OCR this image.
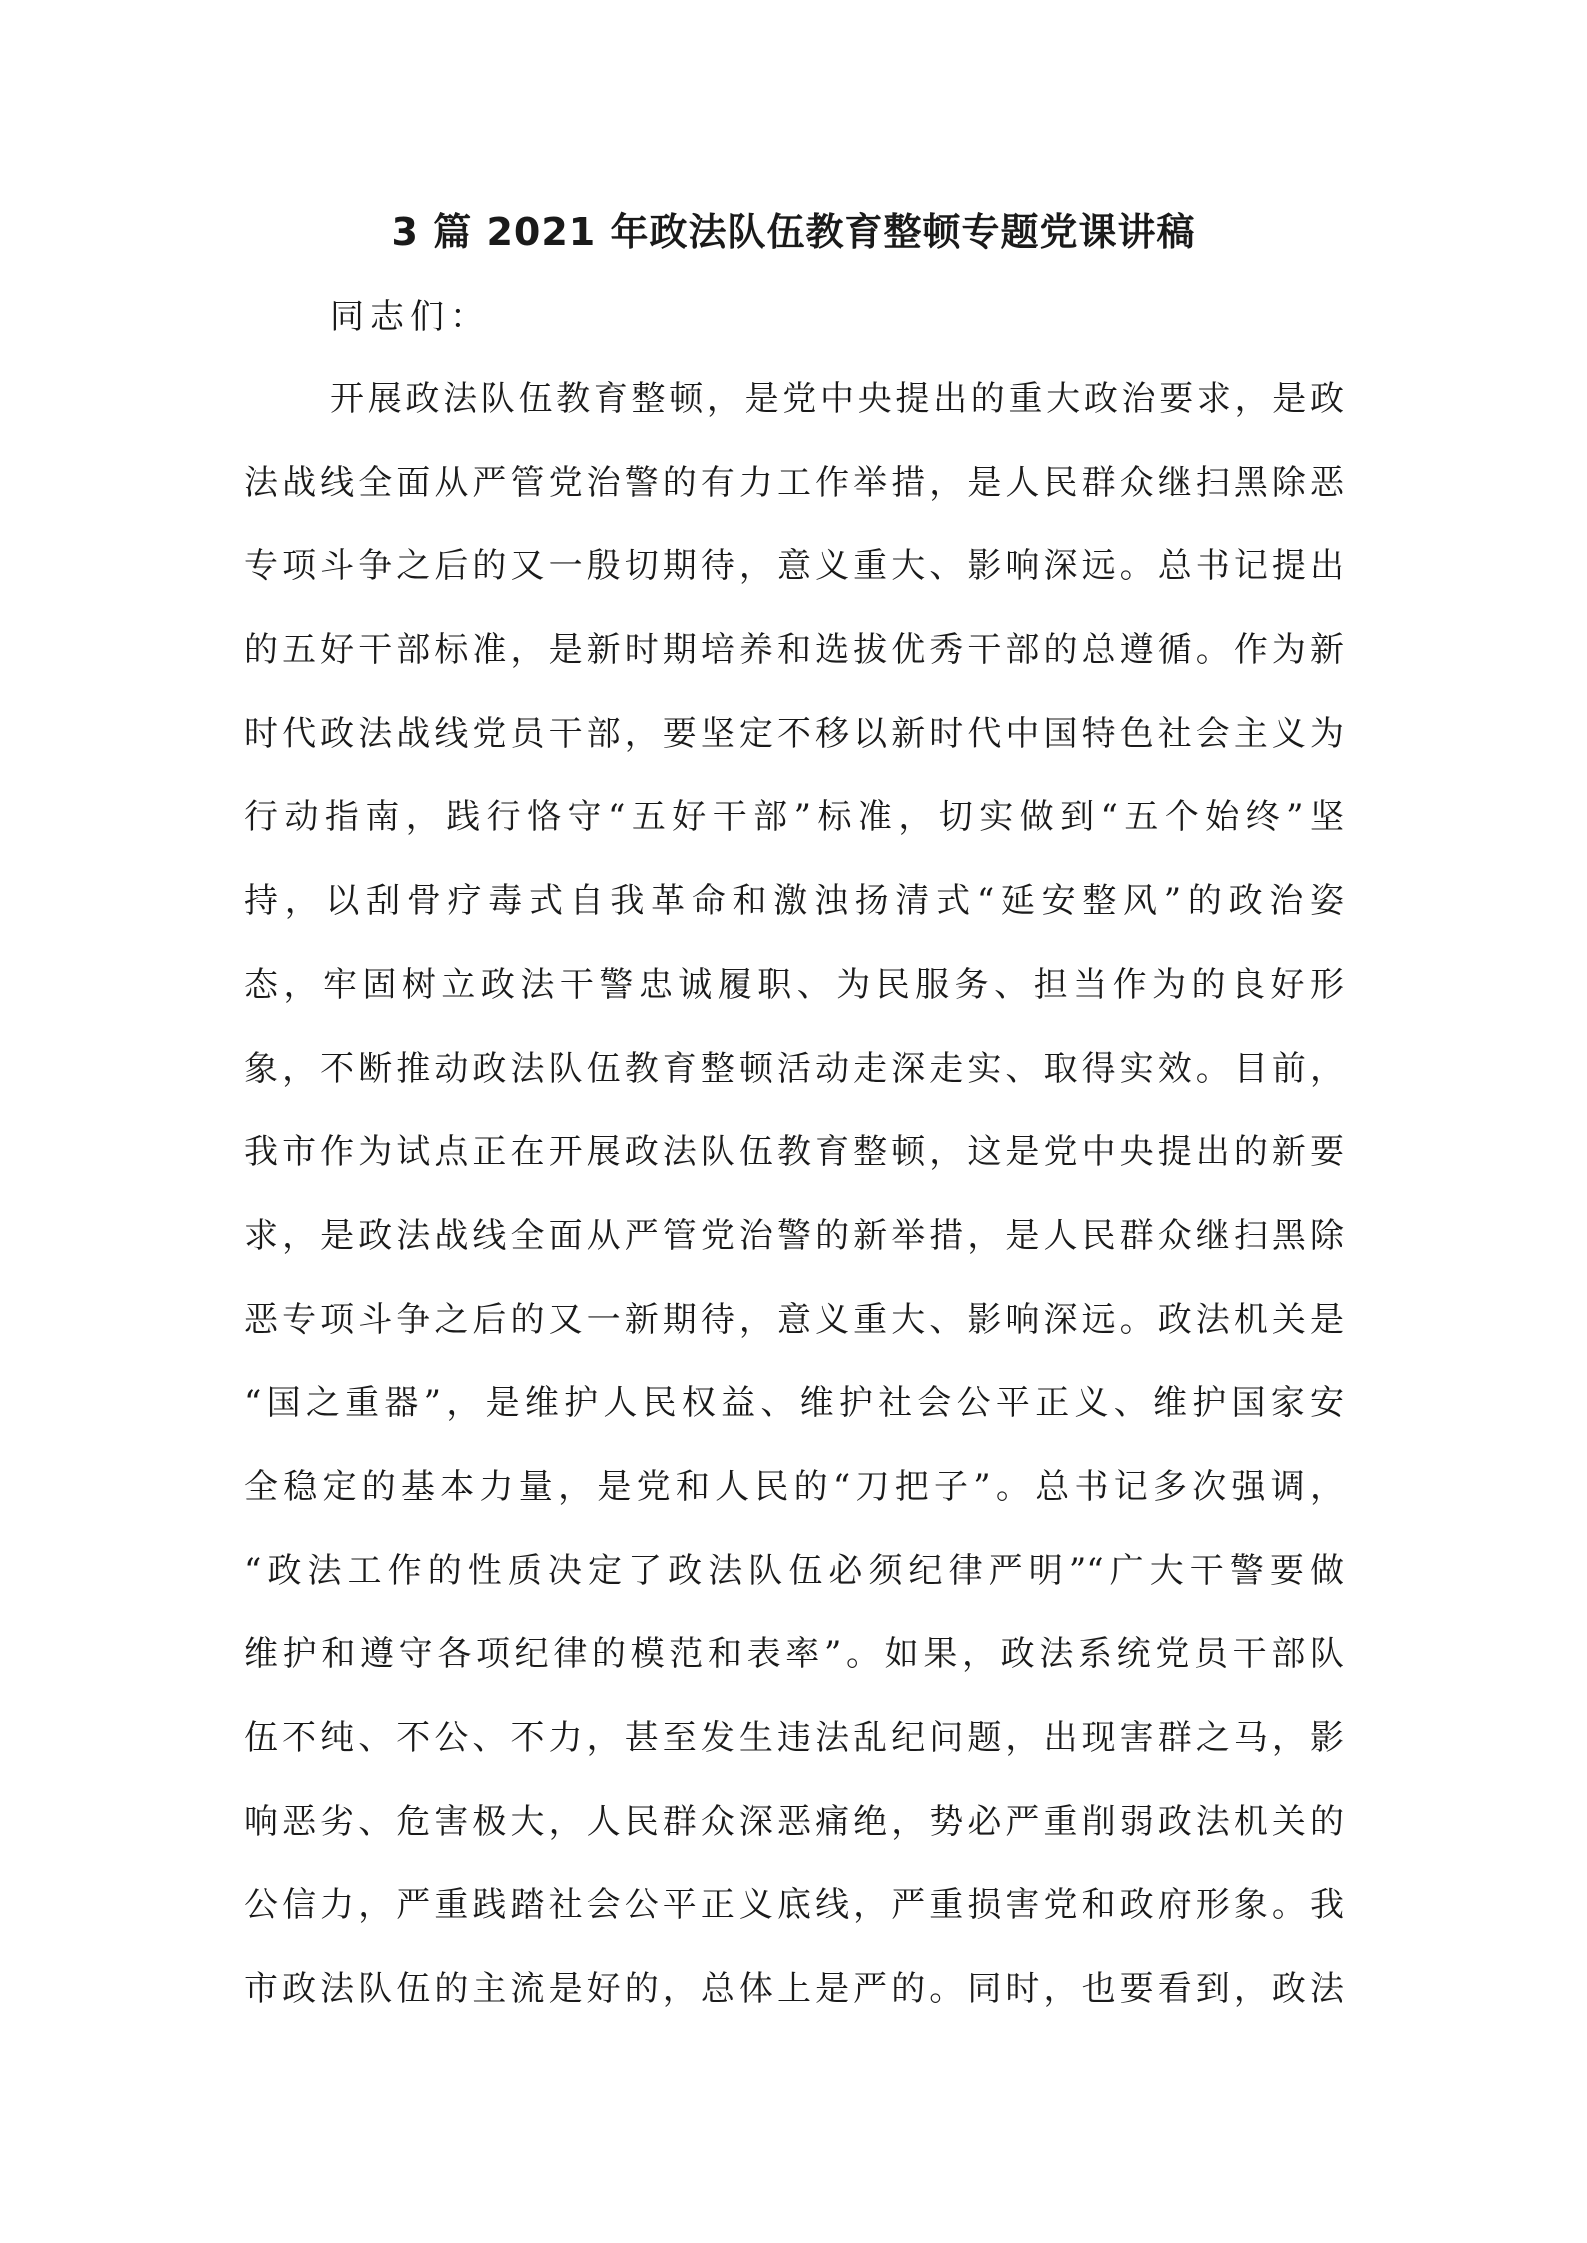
3 篇 2021 年政法队伍教育整顿专题党课讲稿
同志们：
开展政法队伍教育整顿，是党中央提出的重大政治要求，是政
法战线全面从严管党治警的有力工作举措，是人民群众继扫黑除恶
专项斗争之后的又一殷切期待，意义重大、影响深远。总书记提出
的五好干部标准，是新时期培养和选拔优秀干部的总遵循。作为新
时代政法战线党员干部，要坚定不移以新时代中国特色社会主义为
行动指南，践行恪守“五好干部”标准，切实做到“五个始终”坚
持，以刮骨疗毒式自我革命和激浊扬清式“延安整风”的政治姿
态，牢固树立政法干警忠诚履职、为民服务、担当作为的良好形
象，不断推动政法队伍教育整顿活动走深走实、取得实效。目前，
我市作为试点正在开展政法队伍教育整顿，这是党中央提出的新要
求，是政法战线全面从严管党治警的新举措，是人民群众继扫黑除
恶专项斗争之后的又一新期待，意义重大、影响深远。政法机关是
“国之重器”，是维护人民权益、维护社会公平正义、维护国家安
全稳定的基本力量，是党和人民的“刀把子”。总书记多次强调，
“政法工作的性质决定了政法队伍必须纪律严明”“广大干警要做
维护和遵守各项纪律的模范和表率”。如果，政法系统党员干部队
伍不纯、不公、不力，甚至发生违法乱纪问题，出现害群之马，影
响恶劣、危害极大，人民群众深恶痛绝，势必严重削弱政法机关的
公信力，严重践踏社会公平正义底线，严重损害党和政府形象。我
市政法队伍的主流是好的，总体上是严的。同时，也要看到，政法
